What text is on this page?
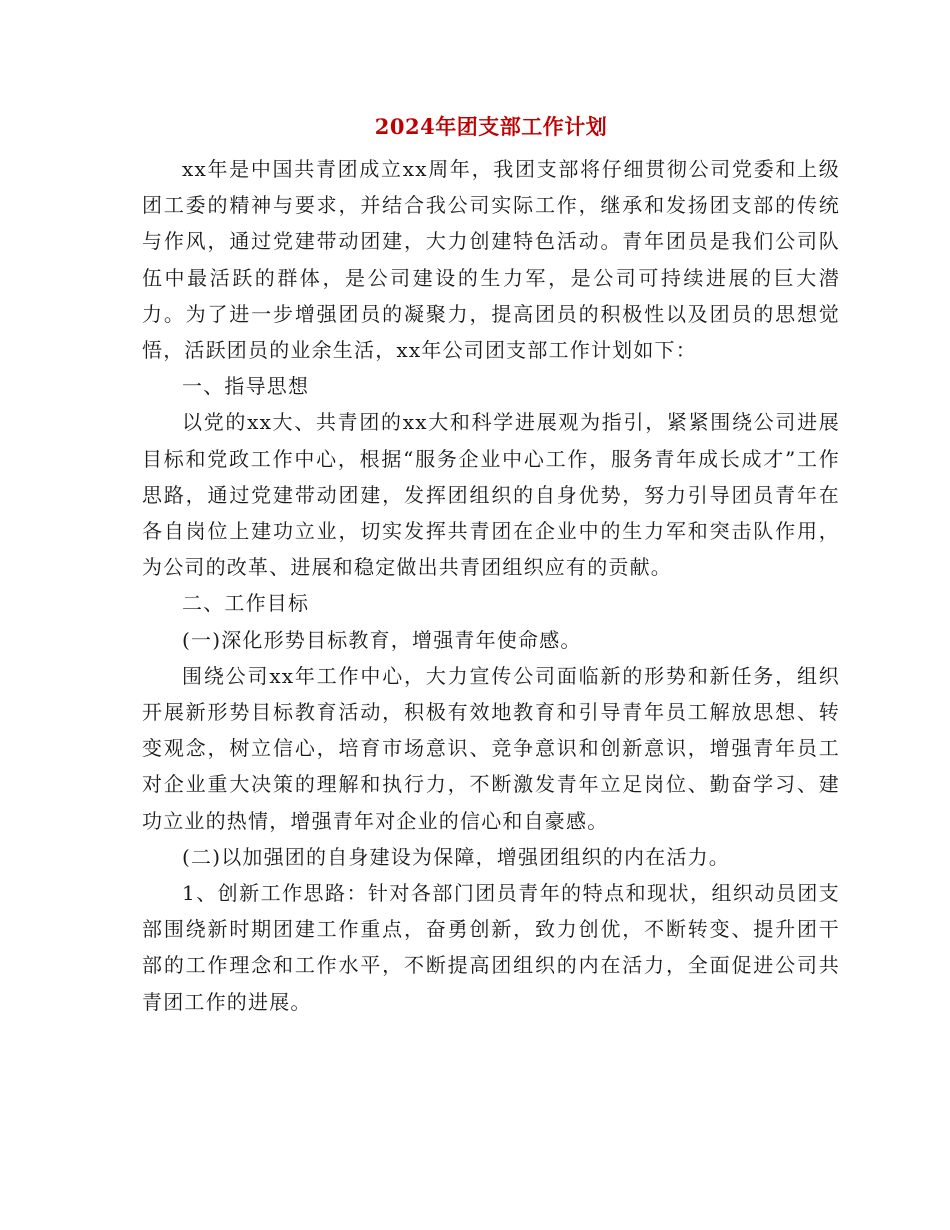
2024年团支部工作计划

xx年是中国共青团成立xx周年，我团支部将仔细贯彻公司党委和上级团工委的精神与要求，并结合我公司实际工作，继承和发扬团支部的传统与作风，通过党建带动团建，大力创建特色活动。青年团员是我们公司队伍中最活跃的群体，是公司建设的生力军，是公司可持续进展的巨大潜力。为了进一步增强团员的凝聚力，提高团员的积极性以及团员的思想觉悟，活跃团员的业余生活，xx年公司团支部工作计划如下：

一、指导思想

以党的xx大、共青团的xx大和科学进展观为指引，紧紧围绕公司进展目标和党政工作中心，根据“服务企业中心工作，服务青年成长成才”工作思路，通过党建带动团建，发挥团组织的自身优势，努力引导团员青年在各自岗位上建功立业，切实发挥共青团在企业中的生力军和突击队作用，为公司的改革、进展和稳定做出共青团组织应有的贡献。

二、工作目标

(一)深化形势目标教育，增强青年使命感。

围绕公司xx年工作中心，大力宣传公司面临新的形势和新任务，组织开展新形势目标教育活动，积极有效地教育和引导青年员工解放思想、转变观念，树立信心，培育市场意识、竞争意识和创新意识，增强青年员工对企业重大决策的理解和执行力，不断激发青年立足岗位、勤奋学习、建功立业的热情，增强青年对企业的信心和自豪感。

(二)以加强团的自身建设为保障，增强团组织的内在活力。

1、创新工作思路：针对各部门团员青年的特点和现状，组织动员团支部围绕新时期团建工作重点，奋勇创新，致力创优，不断转变、提升团干部的工作理念和工作水平，不断提高团组织的内在活力，全面促进公司共青团工作的进展。
